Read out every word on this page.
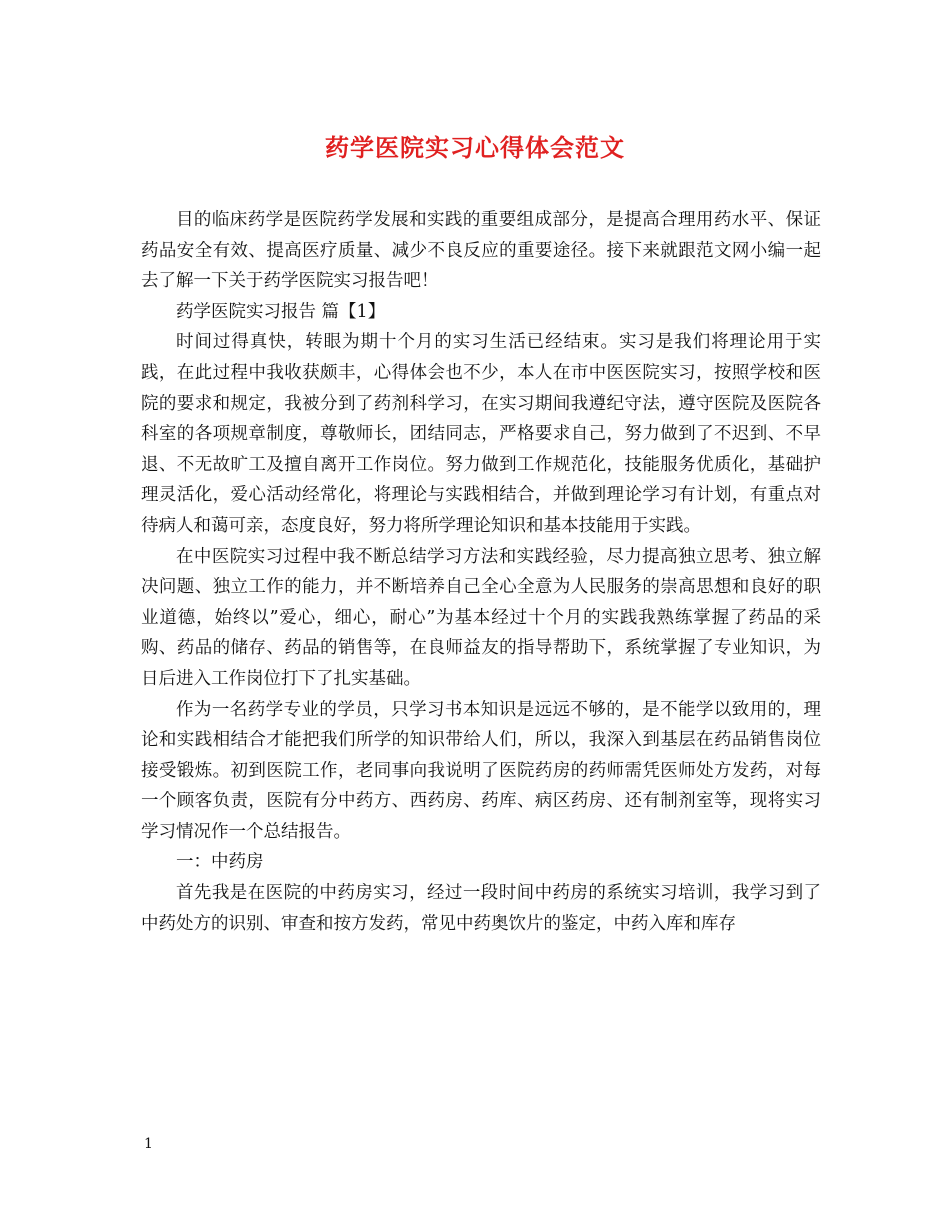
药学医院实习心得体会范文

目的临床药学是医院药学发展和实践的重要组成部分，是提高合理用药水平、保证药品安全有效、提高医疗质量、减少不良反应的重要途径。接下来就跟范文网小编一起去了解一下关于药学医院实习报告吧！

药学医院实习报告 篇【1】

时间过得真快，转眼为期十个月的实习生活已经结束。实习是我们将理论用于实践，在此过程中我收获颇丰，心得体会也不少，本人在市中医医院实习，按照学校和医院的要求和规定，我被分到了药剂科学习，在实习期间我遵纪守法，遵守医院及医院各科室的各项规章制度，尊敬师长，团结同志，严格要求自己，努力做到了不迟到、不早退、不无故旷工及擅自离开工作岗位。努力做到工作规范化，技能服务优质化，基础护理灵活化，爱心活动经常化，将理论与实践相结合，并做到理论学习有计划，有重点对待病人和蔼可亲，态度良好，努力将所学理论知识和基本技能用于实践。

在中医院实习过程中我不断总结学习方法和实践经验，尽力提高独立思考、独立解决问题、独立工作的能力，并不断培养自己全心全意为人民服务的崇高思想和良好的职业道德，始终以”爱心，细心，耐心”为基本经过十个月的实践我熟练掌握了药品的采购、药品的储存、药品的销售等，在良师益友的指导帮助下，系统掌握了专业知识，为日后进入工作岗位打下了扎实基础。

作为一名药学专业的学员，只学习书本知识是远远不够的，是不能学以致用的，理论和实践相结合才能把我们所学的知识带给人们，所以，我深入到基层在药品销售岗位接受锻炼。初到医院工作，老同事向我说明了医院药房的药师需凭医师处方发药，对每一个顾客负责，医院有分中药方、西药房、药库、病区药房、还有制剂室等，现将实习学习情况作一个总结报告。

一：中药房

首先我是在医院的中药房实习，经过一段时间中药房的系统实习培训，我学习到了中药处方的识别、审查和按方发药，常见中药奥饮片的鉴定，中药入库和库存

1
